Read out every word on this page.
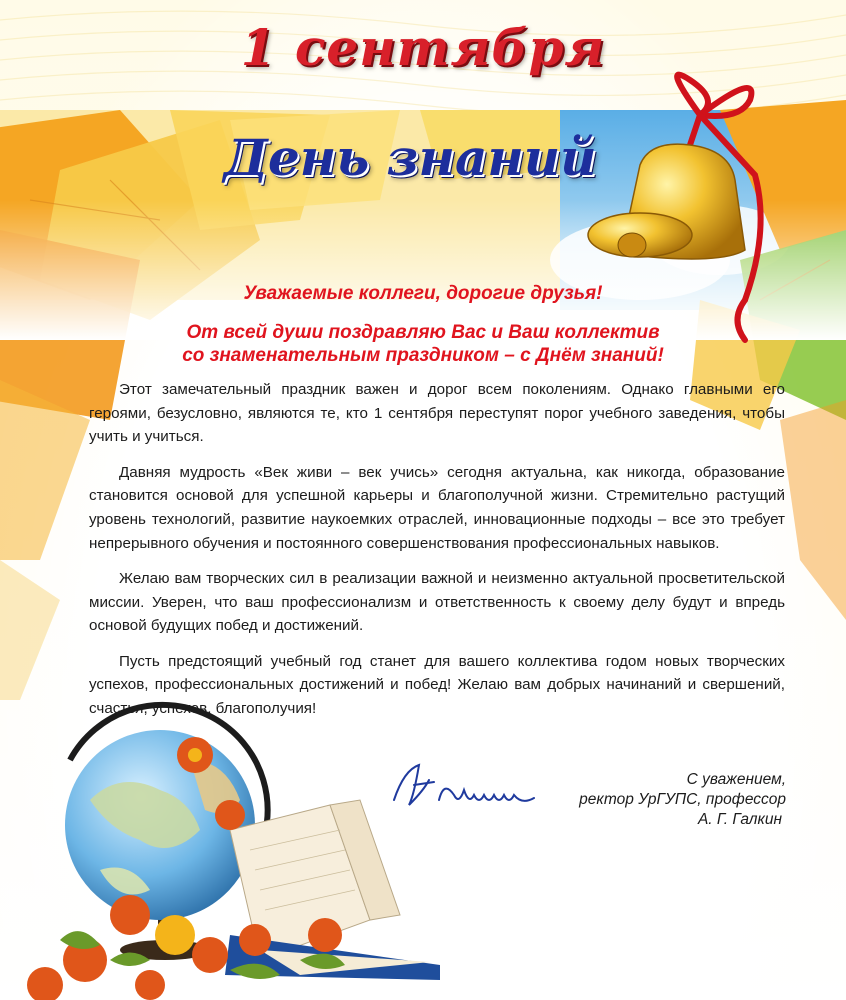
1 сентября
День знаний
Уважаемые коллеги, дорогие друзья!
От всей души поздравляю Вас и Ваш коллектив
со знаменательным праздником – с Днём знаний!

Этот замечательный праздник важен и дорог всем поколениям. Однако главными его героями, безусловно, являются те, кто 1 сентября переступят порог учебного заведения, чтобы учить и учиться.

Давняя мудрость «Век живи – век учись» сегодня актуальна, как никогда, образование становится основой для успешной карьеры и благополучной жизни. Стремительно растущий уровень технологий, развитие наукоемких отраслей, инновационные подходы – все это требует непрерывного обучения и постоянного совершенствования профессиональных навыков.

Желаю вам творческих сил в реализации важной и неизменно актуальной просветительской миссии. Уверен, что ваш профессионализм и ответственность к своему делу будут и впредь основой будущих побед и достижений.

Пусть предстоящий учебный год станет для вашего коллектива годом новых творческих успехов, профессиональных достижений и побед! Желаю вам добрых начинаний и свершений, счастья, успехов, благополучия!

С уважением,
ректор УрГУПС, профессор
А. Г. Галкин
